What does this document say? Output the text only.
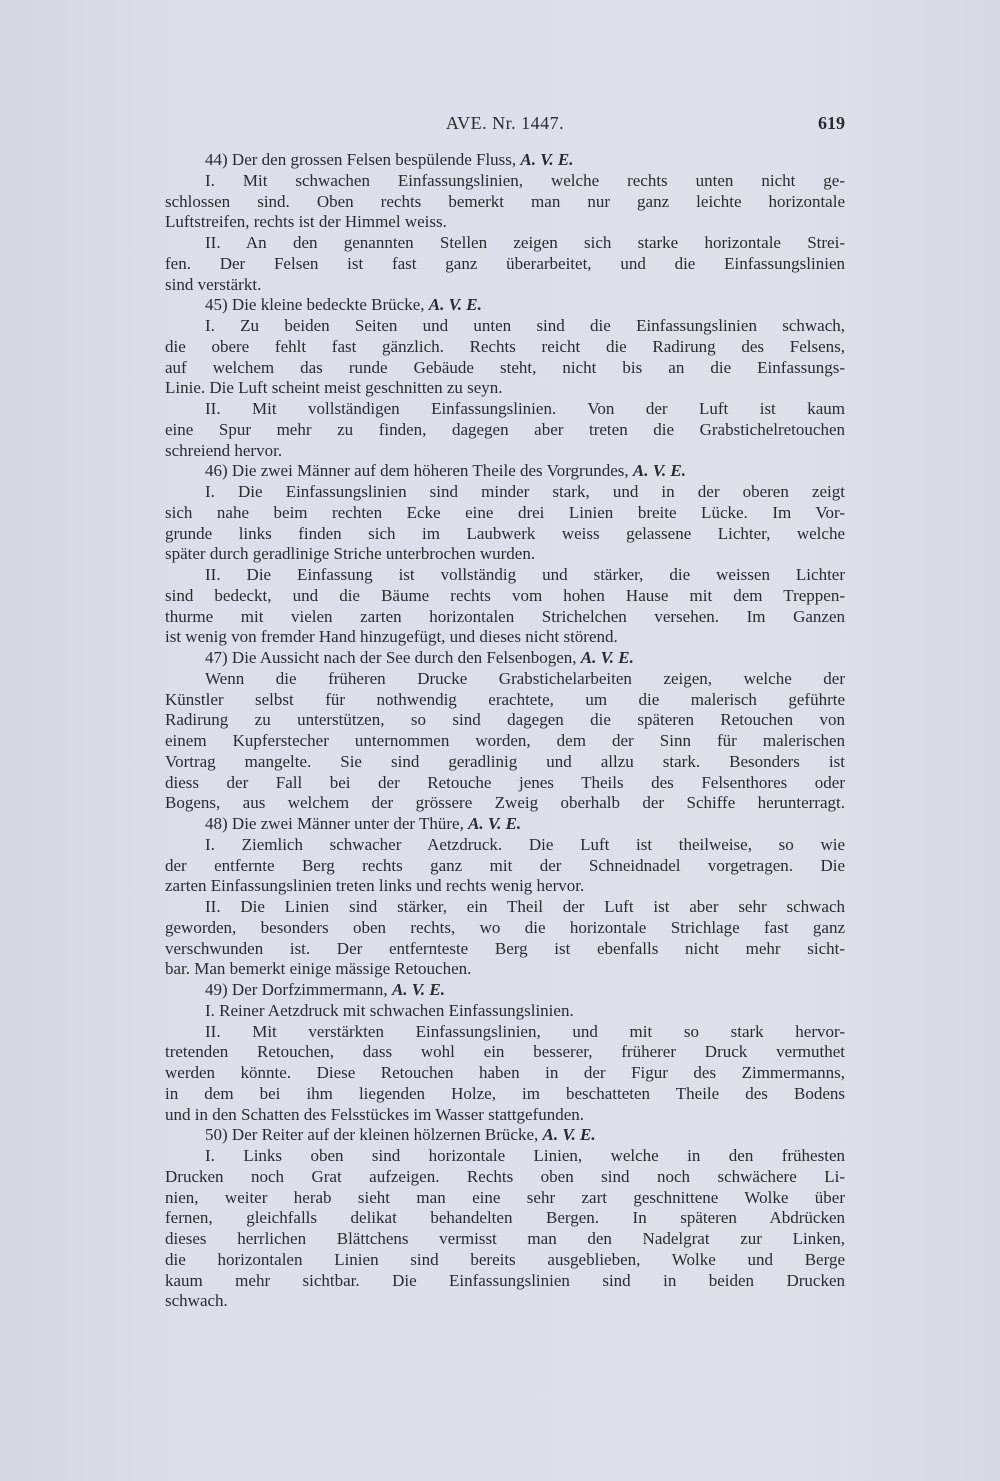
AVE. Nr. 1447.	619
44) Der den grossen Felsen bespülende Fluss, A. V. E.
I. Mit schwachen Einfassungslinien, welche rechts unten nicht ge-
schlossen sind. Oben rechts bemerkt man nur ganz leichte horizontale
Luftstreifen, rechts ist der Himmel weiss.
II. An den genannten Stellen zeigen sich starke horizontale Strei-
fen. Der Felsen ist fast ganz überarbeitet, und die Einfassungslinien
sind verstärkt.
45) Die kleine bedeckte Brücke, A. V. E.
I. Zu beiden Seiten und unten sind die Einfassungslinien schwach,
die obere fehlt fast gänzlich. Rechts reicht die Radirung des Felsens,
auf welchem das runde Gebäude steht, nicht bis an die Einfassungs-
Linie. Die Luft scheint meist geschnitten zu seyn.
II. Mit vollständigen Einfassungslinien. Von der Luft ist kaum
eine Spur mehr zu finden, dagegen aber treten die Grabstichelretouchen
schreiend hervor.
46) Die zwei Männer auf dem höheren Theile des Vorgrundes, A. V. E.
I. Die Einfassungslinien sind minder stark, und in der oberen zeigt
sich nahe beim rechten Ecke eine drei Linien breite Lücke. Im Vor-
grunde links finden sich im Laubwerk weiss gelassene Lichter, welche
später durch geradlinige Striche unterbrochen wurden.
II. Die Einfassung ist vollständig und stärker, die weissen Lichter
sind bedeckt, und die Bäume rechts vom hohen Hause mit dem Treppen-
thurme mit vielen zarten horizontalen Strichelchen versehen. Im Ganzen
ist wenig von fremder Hand hinzugefügt, und dieses nicht störend.
47) Die Aussicht nach der See durch den Felsenbogen, A. V. E.
Wenn die früheren Drucke Grabstichelarbeiten zeigen, welche der
Künstler selbst für nothwendig erachtete, um die malerisch geführte
Radirung zu unterstützen, so sind dagegen die späteren Retouchen von
einem Kupferstecher unternommen worden, dem der Sinn für malerischen
Vortrag mangelte. Sie sind geradlinig und allzu stark. Besonders ist
diess der Fall bei der Retouche jenes Theils des Felsenthores oder
Bogens, aus welchem der grössere Zweig oberhalb der Schiffe herunterragt.
48) Die zwei Männer unter der Thüre, A. V. E.
I. Ziemlich schwacher Aetzdruck. Die Luft ist theilweise, so wie
der entfernte Berg rechts ganz mit der Schneidnadel vorgetragen. Die
zarten Einfassungslinien treten links und rechts wenig hervor.
II. Die Linien sind stärker, ein Theil der Luft ist aber sehr schwach
geworden, besonders oben rechts, wo die horizontale Strichlage fast ganz
verschwunden ist. Der entfernteste Berg ist ebenfalls nicht mehr sicht-
bar. Man bemerkt einige mässige Retouchen.
49) Der Dorfzimmermann, A. V. E.
I. Reiner Aetzdruck mit schwachen Einfassungslinien.
II. Mit verstärkten Einfassungslinien, und mit so stark hervor-
tretenden Retouchen, dass wohl ein besserer, früherer Druck vermuthet
werden könnte. Diese Retouchen haben in der Figur des Zimmermanns,
in dem bei ihm liegenden Holze, im beschatteten Theile des Bodens
und in den Schatten des Felsstückes im Wasser stattgefunden.
50) Der Reiter auf der kleinen hölzernen Brücke, A. V. E.
I. Links oben sind horizontale Linien, welche in den frühesten
Drucken noch Grat aufzeigen. Rechts oben sind noch schwächere Li-
nien, weiter herab sieht man eine sehr zart geschnittene Wolke über
fernen, gleichfalls delikat behandelten Bergen. In späteren Abdrücken
dieses herrlichen Blättchens vermisst man den Nadelgrat zur Linken,
die horizontalen Linien sind bereits ausgeblieben, Wolke und Berge
kaum mehr sichtbar. Die Einfassungslinien sind in beiden Drucken
schwach.
